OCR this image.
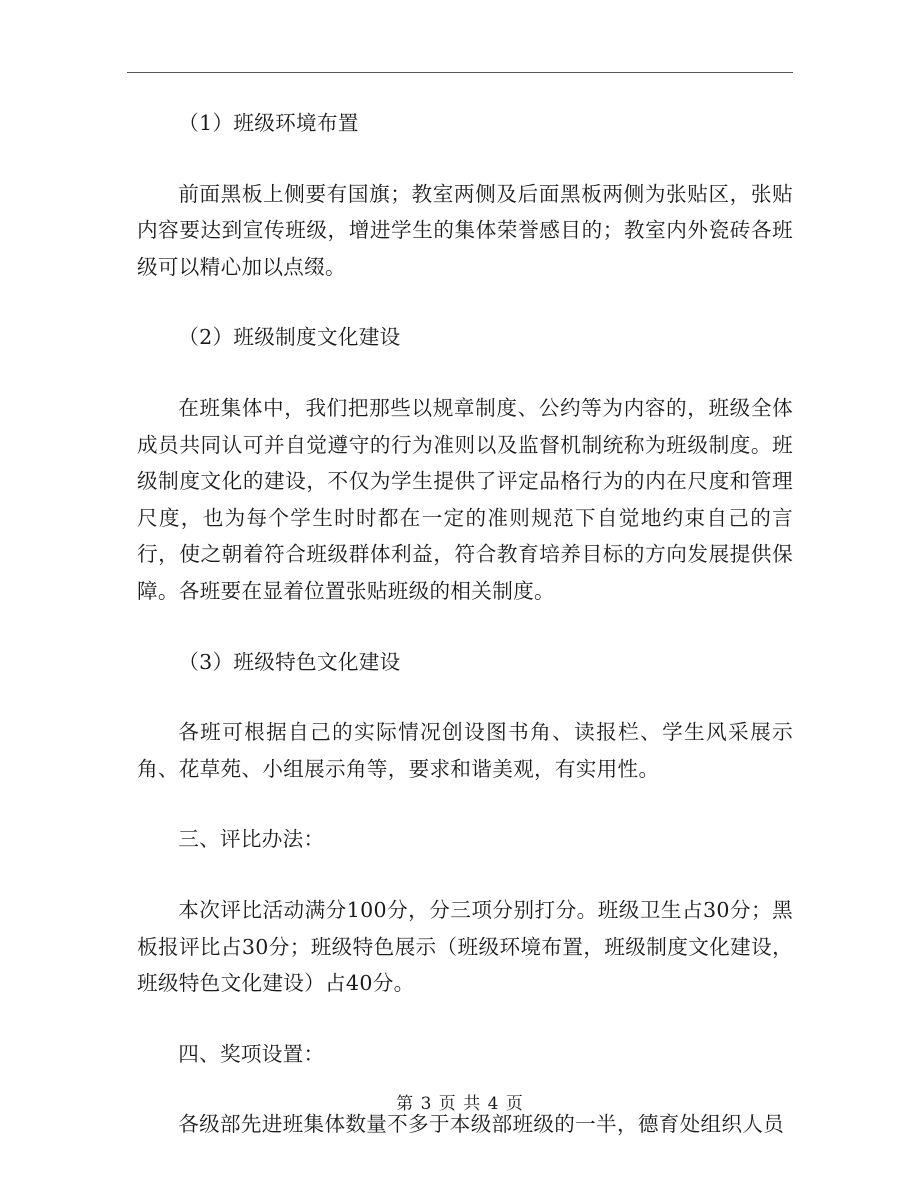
（1）班级环境布置

前面黑板上侧要有国旗；教室两侧及后面黑板两侧为张贴区，张贴内容要达到宣传班级，增进学生的集体荣誉感目的；教室内外瓷砖各班级可以精心加以点缀。

（2）班级制度文化建设

在班集体中，我们把那些以规章制度、公约等为内容的，班级全体成员共同认可并自觉遵守的行为准则以及监督机制统称为班级制度。班级制度文化的建设，不仅为学生提供了评定品格行为的内在尺度和管理尺度，也为每个学生时时都在一定的准则规范下自觉地约束自己的言行，使之朝着符合班级群体利益，符合教育培养目标的方向发展提供保障。各班要在显着位置张贴班级的相关制度。

（3）班级特色文化建设

各班可根据自己的实际情况创设图书角、读报栏、学生风采展示角、花草苑、小组展示角等，要求和谐美观，有实用性。

三、评比办法：

本次评比活动满分100分，分三项分别打分。班级卫生占30分；黑板报评比占30分；班级特色展示（班级环境布置，班级制度文化建设，班级特色文化建设）占40分。

四、奖项设置：

各级部先进班集体数量不多于本级部班级的一半，德育处组织人员

第 3 页 共 4 页
